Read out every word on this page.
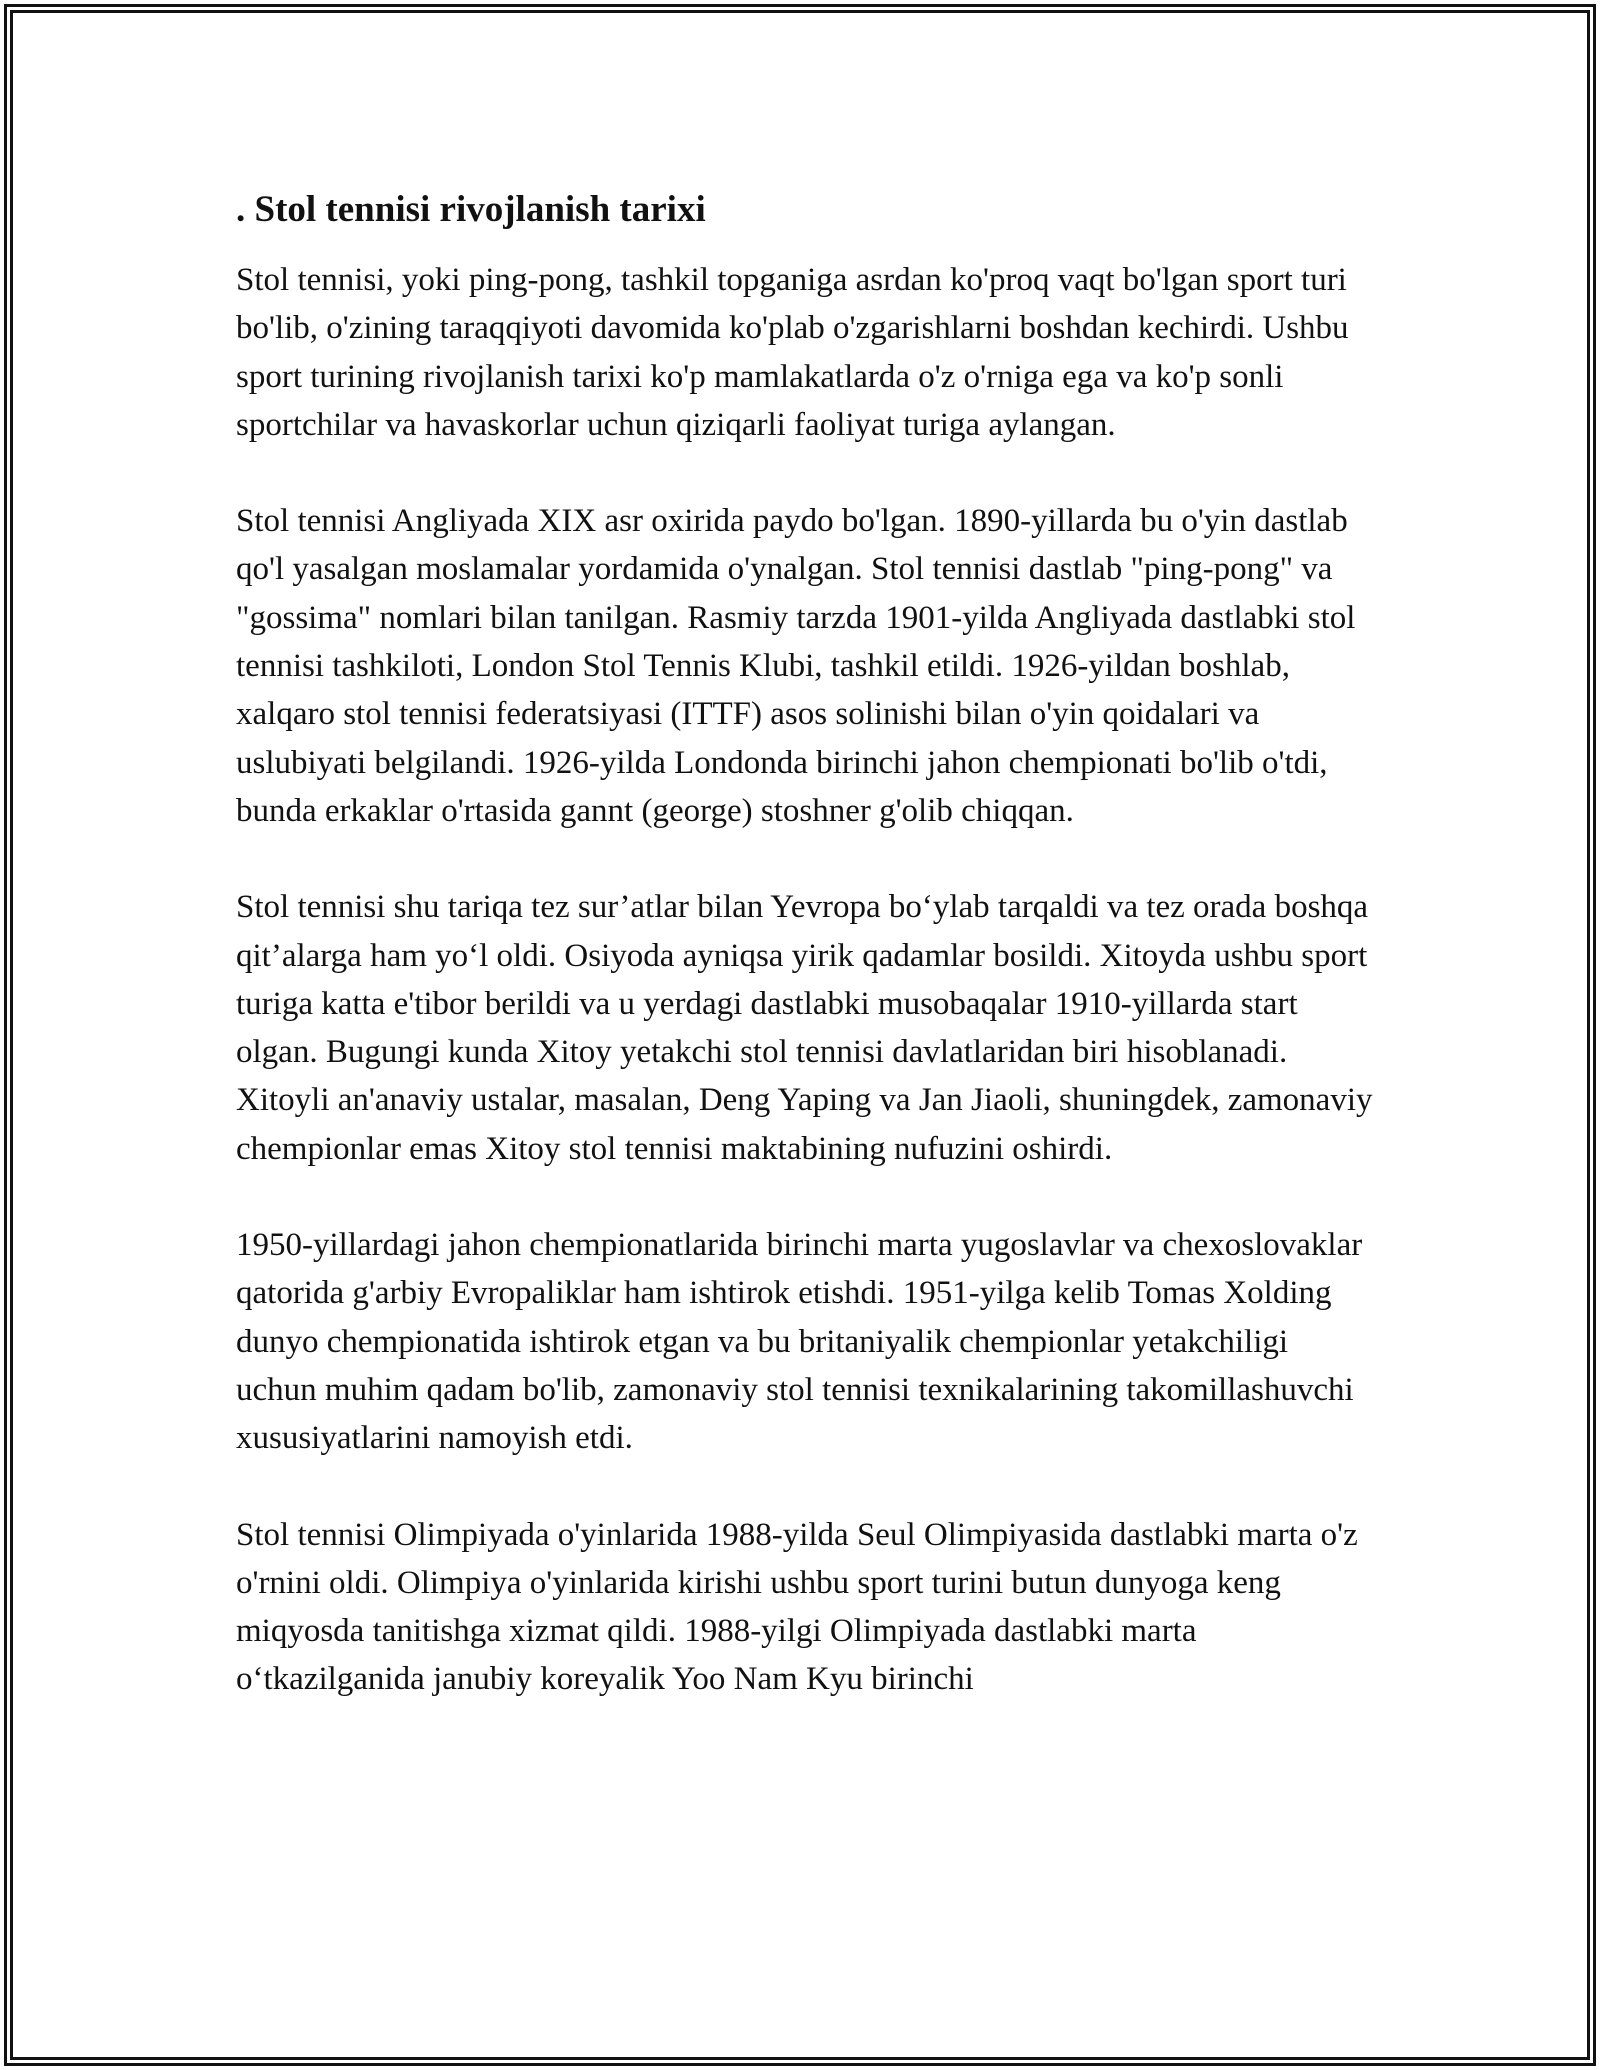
. Stol tennisi rivojlanish tarixi

Stol tennisi, yoki ping-pong, tashkil topganiga asrdan ko'proq vaqt bo'lgan sport turi bo'lib, o'zining taraqqiyoti davomida ko'plab o'zgarishlarni boshdan kechirdi. Ushbu sport turining rivojlanish tarixi ko'p mamlakatlarda o'z o'rniga ega va ko'p sonli sportchilar va havaskorlar uchun qiziqarli faoliyat turiga aylangan.

Stol tennisi Angliyada XIX asr oxirida paydo bo'lgan. 1890-yillarda bu o'yin dastlab qo'l yasalgan moslamalar yordamida o'ynalgan. Stol tennisi dastlab "ping-pong" va "gossima" nomlari bilan tanilgan. Rasmiy tarzda 1901-yilda Angliyada dastlabki stol tennisi tashkiloti, London Stol Tennis Klubi, tashkil etildi. 1926-yildan boshlab, xalqaro stol tennisi federatsiyasi (ITTF) asos solinishi bilan o'yin qoidalari va uslubiyati belgilandi. 1926-yilda Londonda birinchi jahon chempionati bo'lib o'tdi, bunda erkaklar o'rtasida gannt (george) stoshner g'olib chiqqan.

Stol tennisi shu tariqa tez sur’atlar bilan Yevropa bo‘ylab tarqaldi va tez orada boshqa qit’alarga ham yo‘l oldi. Osiyoda ayniqsa yirik qadamlar bosildi. Xitoyda ushbu sport turiga katta e'tibor berildi va u yerdagi dastlabki musobaqalar 1910-yillarda start olgan. Bugungi kunda Xitoy yetakchi stol tennisi davlatlaridan biri hisoblanadi. Xitoyli an'anaviy ustalar, masalan, Deng Yaping va Jan Jiaoli, shuningdek, zamonaviy chempionlar emas Xitoy stol tennisi maktabining nufuzini oshirdi.

1950-yillardagi jahon chempionatlarida birinchi marta yugoslavlar va chexoslovaklar qatorida g'arbiy Evropaliklar ham ishtirok etishdi. 1951-yilga kelib Tomas Xolding dunyo chempionatida ishtirok etgan va bu britaniyalik chempionlar yetakchiligi uchun muhim qadam bo'lib, zamonaviy stol tennisi texnikalarining takomillashuvchi xususiyatlarini namoyish etdi.

Stol tennisi Olimpiyada o'yinlarida 1988-yilda Seul Olimpiyasida dastlabki marta o'z o'rnini oldi. Olimpiya o'yinlarida kirishi ushbu sport turini butun dunyoga keng miqyosda tanitishga xizmat qildi. 1988-yilgi Olimpiyada dastlabki marta o‘tkazilganida janubiy koreyalik Yoo Nam Kyu birinchi
